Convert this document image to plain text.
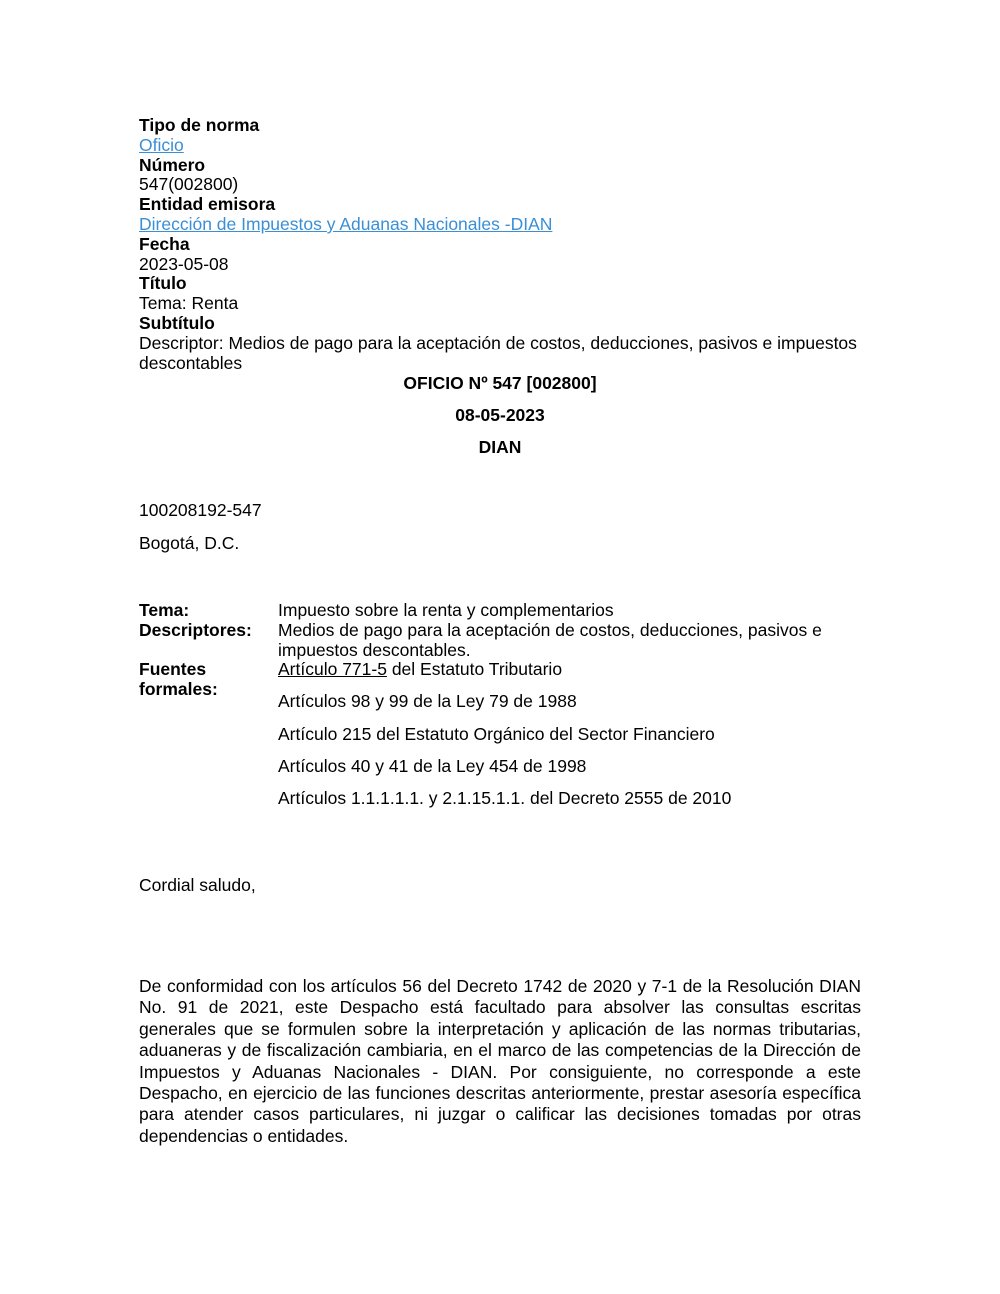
Tipo de norma
Oficio
Número
547(002800)
Entidad emisora
Dirección de Impuestos y Aduanas Nacionales -DIAN
Fecha
2023-05-08
Título
Tema: Renta
Subtítulo
Descriptor: Medios de pago para la aceptación de costos, deducciones, pasivos e impuestos descontables
OFICIO Nº 547 [002800]
08-05-2023
DIAN
100208192-547
Bogotá, D.C.
Tema:	Impuesto sobre la renta y complementarios
Descriptores:	Medios de pago para la aceptación de costos, deducciones, pasivos e impuestos descontables.
Fuentes formales:
Artículo 771-5 del Estatuto Tributario
Artículos 98 y 99 de la Ley 79 de 1988
Artículo 215 del Estatuto Orgánico del Sector Financiero
Artículos 40 y 41 de la Ley 454 de 1998
Artículos 1.1.1.1.1. y 2.1.15.1.1. del Decreto 2555 de 2010
Cordial saludo,
De conformidad con los artículos 56 del Decreto 1742 de 2020 y 7-1 de la Resolución DIAN No. 91 de 2021, este Despacho está facultado para absolver las consultas escritas generales que se formulen sobre la interpretación y aplicación de las normas tributarias, aduaneras y de fiscalización cambiaria, en el marco de las competencias de la Dirección de Impuestos y Aduanas Nacionales - DIAN. Por consiguiente, no corresponde a este Despacho, en ejercicio de las funciones descritas anteriormente, prestar asesoría específica para atender casos particulares, ni juzgar o calificar las decisiones tomadas por otras dependencias o entidades.
